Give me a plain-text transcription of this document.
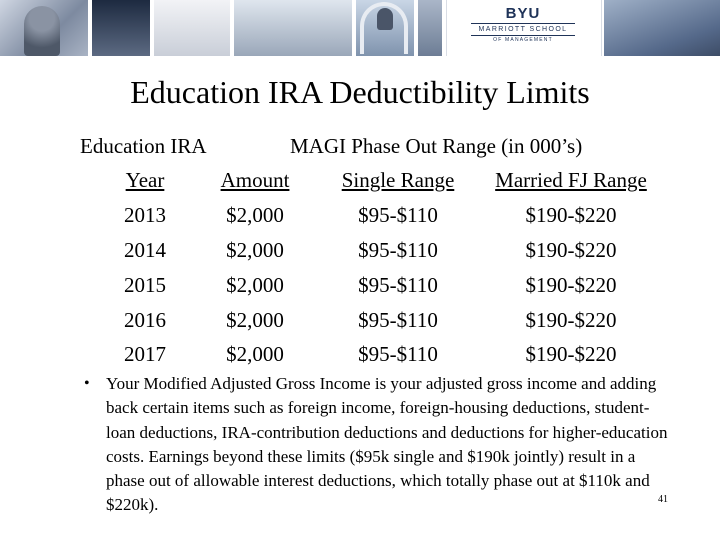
BYU
MARRIOTT SCHOOL
OF MANAGEMENT
Education IRA Deductibility Limits
Education IRA	MAGI Phase Out Range (in 000’s)
Year	Amount	Single Range	Married FJ Range
2013	$2,000	$95-$110	$190-$220
2014	$2,000	$95-$110	$190-$220
2015	$2,000	$95-$110	$190-$220
2016	$2,000	$95-$110	$190-$220
2017	$2,000	$95-$110	$190-$220
• Your Modified Adjusted Gross Income is your adjusted gross income and adding back certain items such as foreign income, foreign-housing deductions, student-loan deductions, IRA-contribution deductions and deductions for higher-education costs. Earnings beyond these limits ($95k single and $190k jointly) result in a phase out of allowable interest deductions, which totally phase out at $110k and $220k).	41
